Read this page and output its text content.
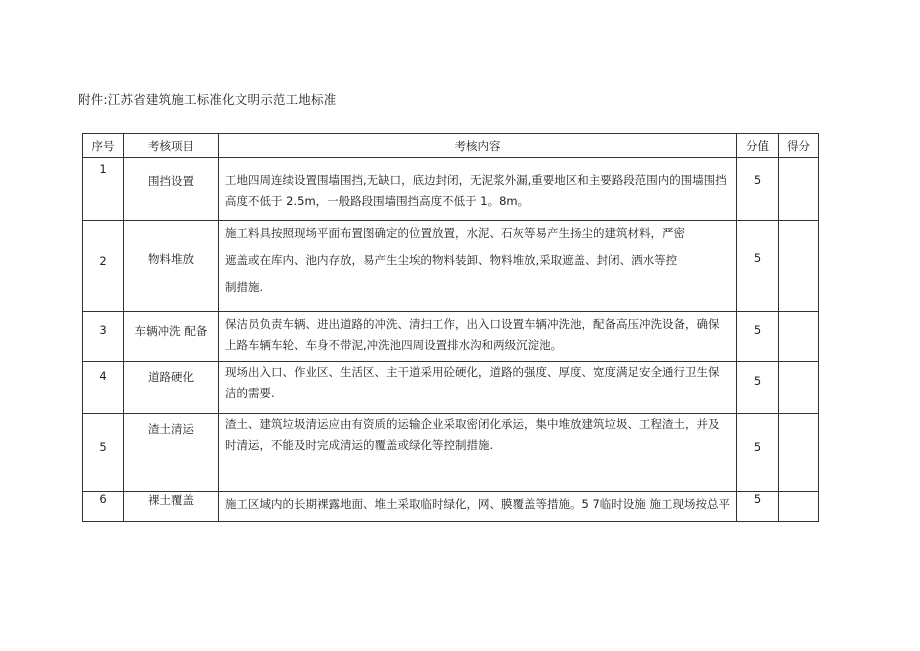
附件:江苏省建筑施工标准化文明示范工地标准
序号	考核项目	考核内容	分值	得分

1	围挡设置	工地四周连续设置围墙围挡,无缺口，底边封闭，无泥浆外漏,重要地区和主要路段范围内的围墙围挡高度不低于 2.5m，一般路段围墙围挡高度不低于 1。8m。	5	

2	物料堆放	施工料具按照现场平面布置图确定的位置放置，水泥、石灰等易产生扬尘的建筑材料，严密
遮盖或在库内、池内存放，易产生尘埃的物料装卸、物料堆放,采取遮盖、封闭、洒水等控
制措施.	5	

3	车辆冲洗 配备	保洁员负责车辆、进出道路的冲洗、清扫工作，出入口设置车辆冲洗池，配备高压冲洗设备，确保上路车辆车轮、车身不带泥,冲洗池四周设置排水沟和两级沉淀池。	5	

4	道路硬化	现场出入口、作业区、生活区、主干道采用砼硬化，道路的强度、厚度、宽度满足安全通行卫生保洁的需要.	5	

5	渣土清运	渣土、建筑垃圾清运应由有资质的运输企业采取密闭化承运，集中堆放建筑垃圾、工程渣土，并及时清运，不能及时完成清运的覆盖或绿化等控制措施.	5	

6	裸土覆盖	施工区域内的长期裸露地面、堆土采取临时绿化，网、膜覆盖等措施。5 7临时设施 施工现场按总平	5	
